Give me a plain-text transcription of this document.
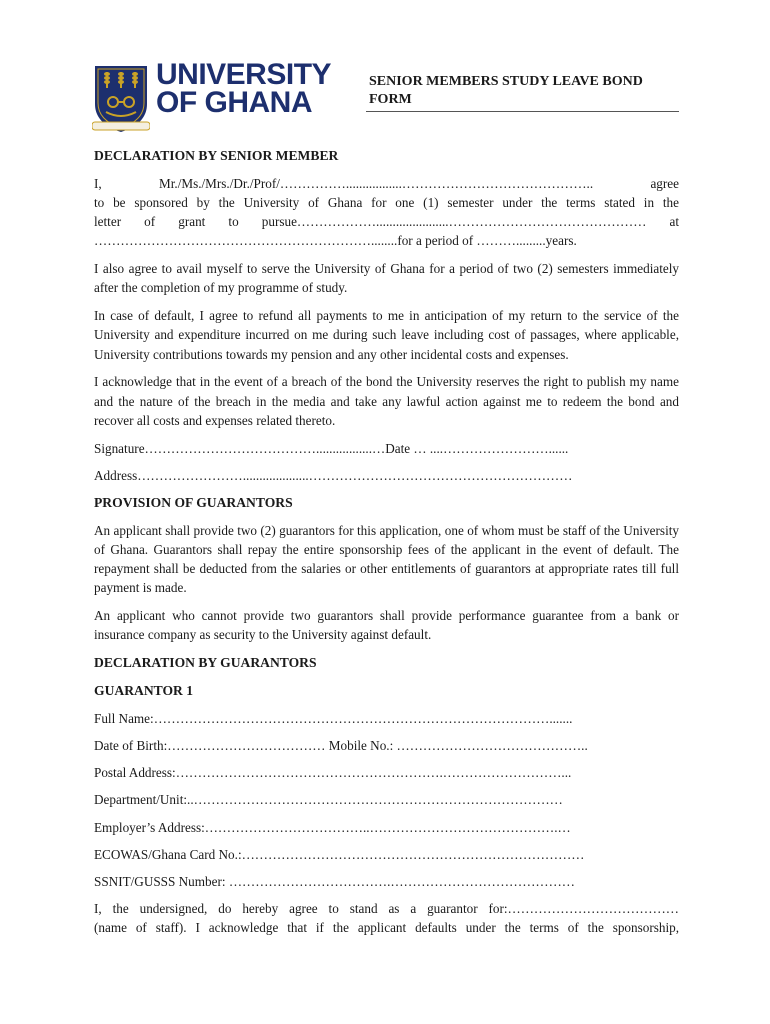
UNIVERSITY
OF GHANA
SENIOR MEMBERS STUDY LEAVE BOND
FORM
DECLARATION BY SENIOR MEMBER

I, Mr./Ms./Mrs./Dr./Prof/…………….................…………………………………….. agree
to be sponsored by the University of Ghana for one (1) semester under the terms stated in the
letter of grant to pursue………………......................……………………………………… at
………………………………………………………........for a period of ……….........years.

I also agree to avail myself to serve the University of Ghana for a period of two (2) semesters immediately after the completion of my programme of study.

In case of default, I agree to refund all payments to me in anticipation of my return to the service of the University and expenditure incurred on me during such leave including cost of passages, where applicable, University contributions towards my pension and any other incidental costs and expenses.

I acknowledge that in the event of a breach of the bond the University reserves the right to publish my name and the nature of the breach in the media and take any lawful action against me to redeem the bond and recover all costs and expenses related thereto.

Signature………………………………….................…Date … ....……………………......
Address……………………....................……………………………………………………
PROVISION OF GUARANTORS

An applicant shall provide two (2) guarantors for this application, one of whom must be staff of the University of Ghana. Guarantors shall repay the entire sponsorship fees of the applicant in the event of default. The repayment shall be deducted from the salaries or other entitlements of guarantors at appropriate rates till full payment is made.

An applicant who cannot provide two guarantors shall provide performance guarantee from a bank or insurance company as security to the University against default.

DECLARATION BY GUARANTORS
GUARANTOR 1
Full Name:……………………………………………………………………………….......
Date of Birth:……………………………… Mobile No.: ……………………………………..
Postal Address:…………………………………………………….………………………...
Department/Unit:..…………………………………………………………………………
Employer’s Address:………………………………..…………………………………….…
ECOWAS/Ghana Card No.:……………………………………………………………………
SSNIT/GUSSS Number: ……………………………….……………………………………

I, the undersigned, do hereby agree to stand as a guarantor for:…………………………………
(name of staff). I acknowledge that if the applicant defaults under the terms of the sponsorship,
